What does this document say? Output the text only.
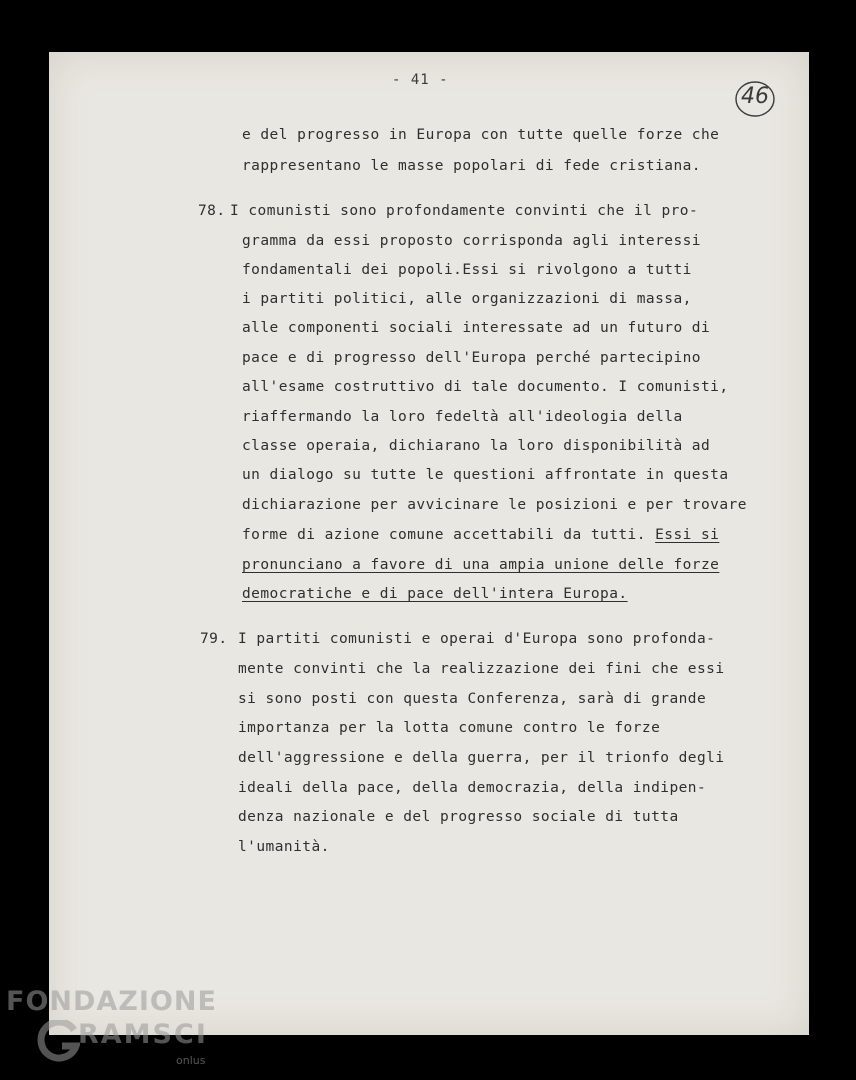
- 41 -
46
e del progresso in Europa con tutte quelle forze che
rappresentano le masse popolari di fede cristiana.
78. I comunisti sono profondamente convinti che il pro-
gramma da essi proposto corrisponda agli interessi
fondamentali dei popoli.Essi si rivolgono a tutti
i partiti politici, alle organizzazioni di massa,
alle componenti sociali interessate ad un futuro di
pace e di progresso dell'Europa perché partecipino
all'esame costruttivo di tale documento. I comunisti,
riaffermando la loro fedeltà all'ideologia della
classe operaia, dichiarano la loro disponibilità ad
un dialogo su tutte le questioni affrontate in questa
dichiarazione per avvicinare le posizioni e per trovare
forme di azione comune accettabili da tutti. Essi si
pronunciano a favore di una ampia unione delle forze
democratiche e di pace dell'intera Europa.
79. I partiti comunisti e operai d'Europa sono profonda-
mente convinti che la realizzazione dei fini che essi
si sono posti con questa Conferenza, sarà di grande
importanza per la lotta comune contro le forze
dell'aggressione e della guerra, per il trionfo degli
ideali della pace, della democrazia, della indipen-
denza nazionale e del progresso sociale di tutta
l'umanità.
FONDAZIONE
RAMSCI
onlus
